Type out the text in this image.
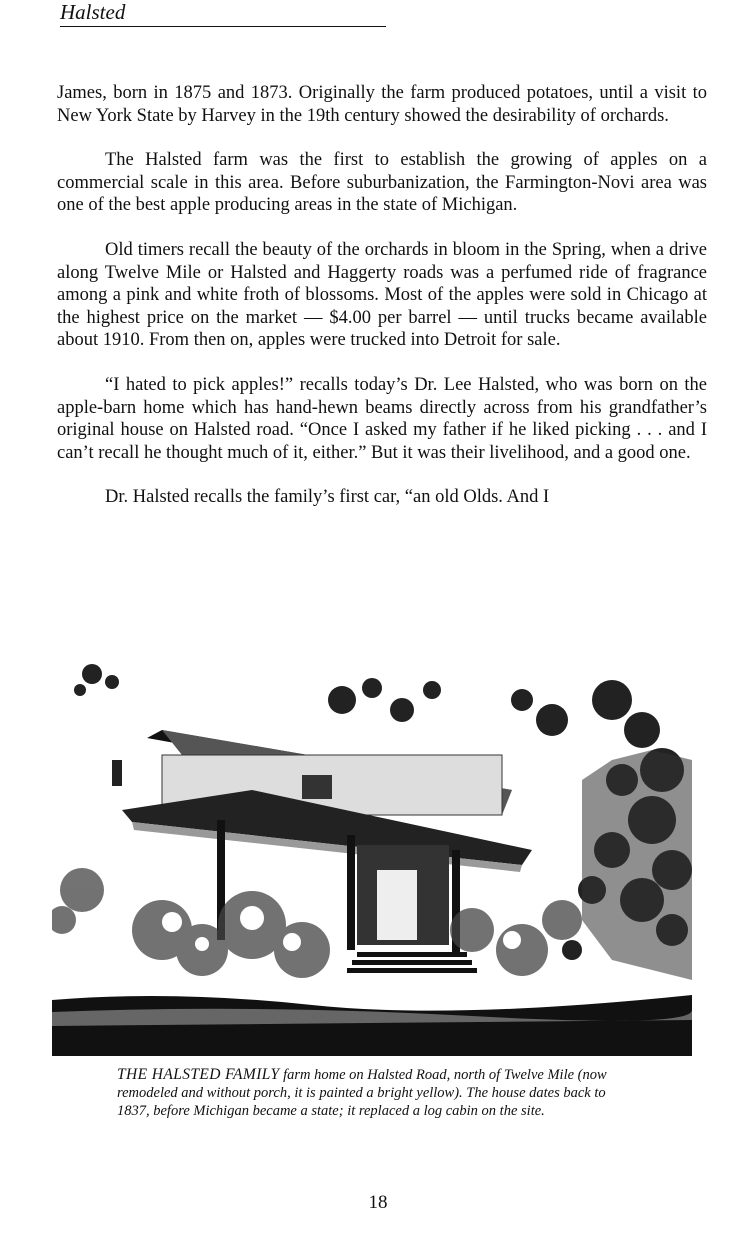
Halsted

James, born in 1875 and 1873. Originally the farm produced potatoes, until a visit to New York State by Harvey in the 19th century showed the desirability of orchards.

The Halsted farm was the first to establish the growing of apples on a commercial scale in this area. Before suburbanization, the Farmington-Novi area was one of the best apple producing areas in the state of Michigan.

Old timers recall the beauty of the orchards in bloom in the Spring, when a drive along Twelve Mile or Halsted and Haggerty roads was a perfumed ride of fragrance among a pink and white froth of blossoms. Most of the apples were sold in Chicago at the highest price on the market — $4.00 per barrel — until trucks became available about 1910. From then on, apples were trucked into Detroit for sale.

“I hated to pick apples!” recalls today’s Dr. Lee Halsted, who was born on the apple-barn home which has hand-hewn beams directly across from his grandfather’s original house on Halsted road. “Once I asked my father if he liked picking . . . and I can’t recall he thought much of it, either.” But it was their livelihood, and a good one.

Dr. Halsted recalls the family’s first car, “an old Olds. And I

THE HALSTED FAMILY farm home on Halsted Road, north of Twelve Mile (now remodeled and without porch, it is painted a bright yellow). The house dates back to 1837, before Michigan became a state; it replaced a log cabin on the site.
18
